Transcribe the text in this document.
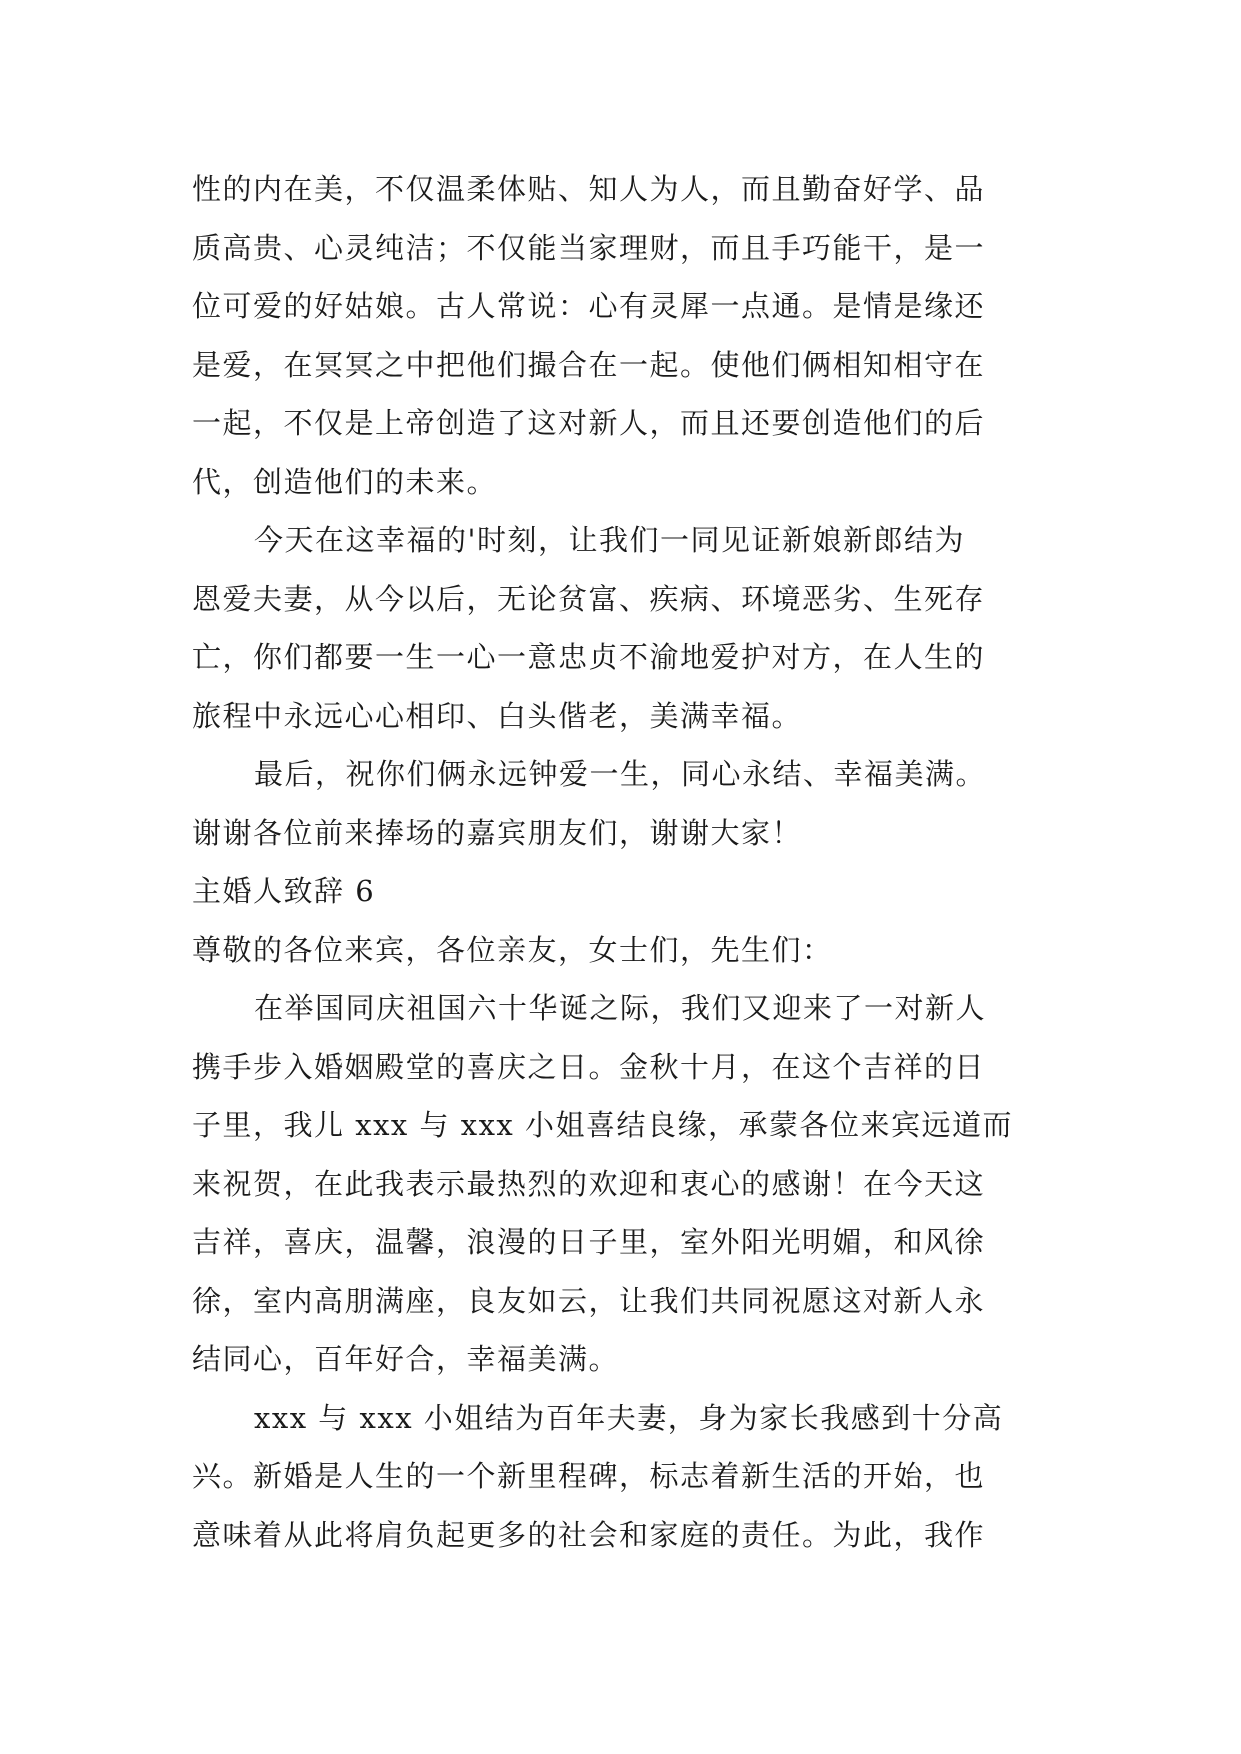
性的内在美，不仅温柔体贴、知人为人，而且勤奋好学、品
质高贵、心灵纯洁；不仅能当家理财，而且手巧能干，是一
位可爱的好姑娘。古人常说：心有灵犀一点通。是情是缘还
是爱，在冥冥之中把他们撮合在一起。使他们俩相知相守在
一起，不仅是上帝创造了这对新人，而且还要创造他们的后
代，创造他们的未来。
今天在这幸福的'时刻，让我们一同见证新娘新郎结为
恩爱夫妻，从今以后，无论贫富、疾病、环境恶劣、生死存
亡，你们都要一生一心一意忠贞不渝地爱护对方，在人生的
旅程中永远心心相印、白头偕老，美满幸福。
最后，祝你们俩永远钟爱一生，同心永结、幸福美满。
谢谢各位前来捧场的嘉宾朋友们，谢谢大家！
主婚人致辞 6
尊敬的各位来宾，各位亲友，女士们，先生们：
在举国同庆祖国六十华诞之际，我们又迎来了一对新人
携手步入婚姻殿堂的喜庆之日。金秋十月，在这个吉祥的日
子里，我儿 xxx 与 xxx 小姐喜结良缘，承蒙各位来宾远道而
来祝贺，在此我表示最热烈的欢迎和衷心的感谢！在今天这
吉祥，喜庆，温馨，浪漫的日子里，室外阳光明媚，和风徐
徐，室内高朋满座，良友如云，让我们共同祝愿这对新人永
结同心，百年好合，幸福美满。
xxx 与 xxx 小姐结为百年夫妻，身为家长我感到十分高
兴。新婚是人生的一个新里程碑，标志着新生活的开始，也
意味着从此将肩负起更多的社会和家庭的责任。为此，我作
